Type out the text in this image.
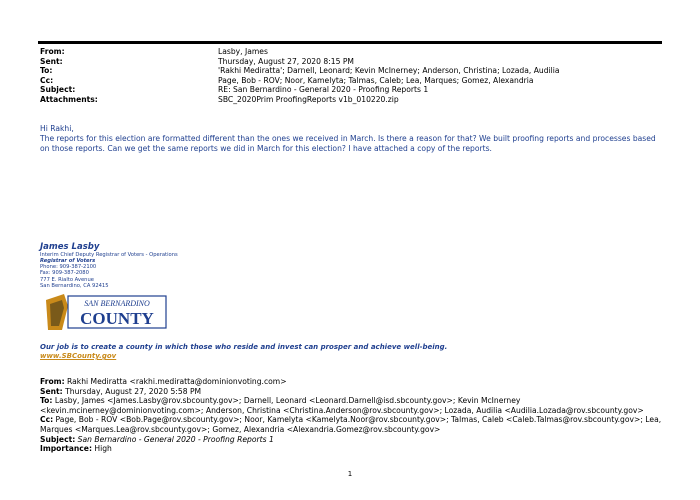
From:	Lasby, James
Sent:	Thursday, August 27, 2020 8:15 PM
To:	'Rakhi Mediratta'; Darnell, Leonard; Kevin McInerney; Anderson, Christina; Lozada, Audilia
Cc:	Page, Bob - ROV; Noor, Kamelyta; Talmas, Caleb; Lea, Marques; Gomez, Alexandria
Subject:	RE: San Bernardino - General 2020 - Proofing Reports 1
Attachments:	SBC_2020Prim ProofingReports v1b_010220.zip

Hi Rakhi,

The reports for this election are formatted different than the ones we received in March. Is there a reason for that? We built proofing reports and processes based on those reports. Can we get the same reports we did in March for this election? I have attached a copy of the reports.

James Lasby
Interim Chief Deputy Registrar of Voters - Operations
Registrar of Voters
Phone: 909-387-2100
Fax: 909-387-2080
777 E. Rialto Avenue
San Bernardino, CA 92415
SAN BERNARDINO
COUNTY
Our job is to create a county in which those who reside and invest can prosper and achieve well-being.
www.SBCounty.gov
From: Rakhi Mediratta <rakhi.mediratta@dominionvoting.com>
Sent: Thursday, August 27, 2020 5:58 PM
To: Lasby, James <James.Lasby@rov.sbcounty.gov>; Darnell, Leonard <Leonard.Darnell@isd.sbcounty.gov>; Kevin McInerney <kevin.mcinerney@dominionvoting.com>; Anderson, Christina <Christina.Anderson@rov.sbcounty.gov>; Lozada, Audilia <Audilia.Lozada@rov.sbcounty.gov>
Cc: Page, Bob - ROV <Bob.Page@rov.sbcounty.gov>; Noor, Kamelyta <Kamelyta.Noor@rov.sbcounty.gov>; Talmas, Caleb <Caleb.Talmas@rov.sbcounty.gov>; Lea, Marques <Marques.Lea@rov.sbcounty.gov>; Gomez, Alexandria <Alexandria.Gomez@rov.sbcounty.gov>
Subject: San Bernardino - General 2020 - Proofing Reports 1
Importance: High
1
